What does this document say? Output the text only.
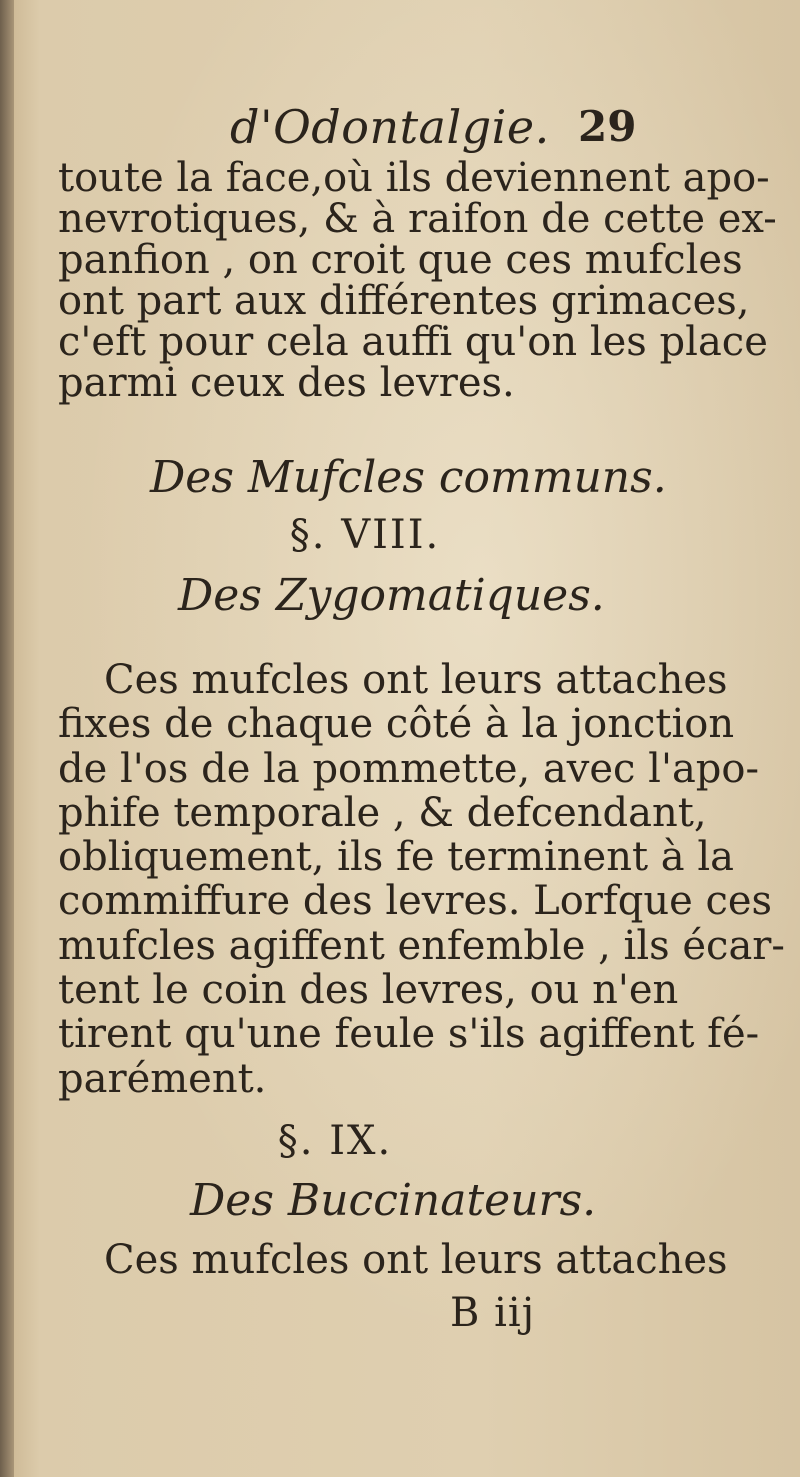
d'Odontalgie. 29
toute la face,où ils deviennent apo-
nevrotiques, & à raifon de cette ex-
panfion , on croit que ces mufcles
ont part aux différentes grimaces,
c'eft pour cela auffi qu'on les place
parmi ceux des levres.
Des Mufcles communs.
§. VIII.
Des Zygomatiques.
Ces mufcles ont leurs attaches
fixes de chaque côté à la jonction
de l'os de la pommette, avec l'apo-
phife temporale , & defcendant,
obliquement, ils fe terminent à la
commiffure des levres. Lorfque ces
mufcles agiffent enfemble , ils écar-
tent le coin des levres, ou n'en
tirent qu'une feule s'ils agiffent fé-
parément.
§. IX.
Des Buccinateurs.
Ces mufcles ont leurs attaches
B iij
